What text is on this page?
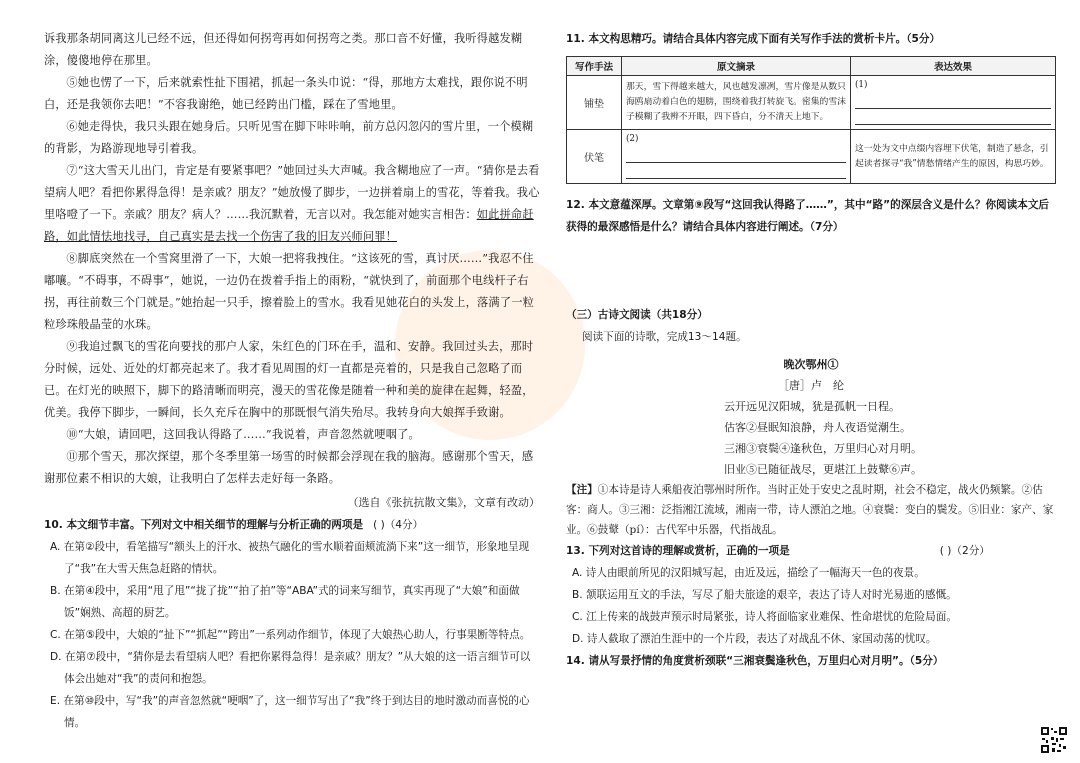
诉我那条胡同离这儿已经不远，但还得如何拐弯再如何拐弯之类。那口音不好懂，我听得越发糊涂，傻傻地停在那里。

⑤她也愣了一下，后来就索性扯下围裙，抓起一条头巾说：“得，那地方太难找，跟你说不明白，还是我领你去吧！”不容我谢绝，她已经跨出门槛，踩在了雪地里。

⑥她走得快，我只头跟在她身后。只听见雪在脚下咔咔响，前方总闪忽闪的雪片里，一个模糊的背影，为路游现地导引着我。

⑦“这大雪天儿出门，肯定是有要紧事吧？”她回过头大声喊。我含糊地应了一声。“猜你是去看望病人吧？看把你累得急得！是亲戚？朋友？”她放慢了脚步，一边拼着扇上的雪花，等着我。我心里咯噔了一下。亲戚？朋友？病人？……我沉默着，无言以对。我怎能对她实言相告：如此拼命赶路，如此情怯地找寻，自己真实是去找一个伤害了我的旧友兴师问罪！

⑧脚底突然在一个雪窝里滑了一下，大娘一把将我拽住。“这该死的雪，真讨厌……”我忍不住嘟嚷。“不碍事，不碍事”，她说，一边仍在拨着手指上的雨粉，“就快到了，前面那个电线杆子右拐，再往前数三个门就是。”她抬起一只手，擦着脸上的雪水。我看见她花白的头发上，落满了一粒粒珍珠般晶莹的水珠。

⑨我追过飘飞的雪花向要找的那户人家，朱红色的门环在手，温和、安静。我回过头去，那时分时候，远处、近处的灯都亮起来了。我才看见周围的灯一直都是亮着的，只是我自己忽略了而已。在灯光的映照下，脚下的路清晰而明亮，漫天的雪花像是随着一种和美的旋律在起舞，轻盈，优美。我停下脚步，一瞬间，长久充斥在胸中的那既恨气消失殆尽。我转身向大娘挥手致谢。

⑩“大娘，请回吧，这回我认得路了……”我说着，声音忽然就哽咽了。

⑪那个雪天，那次探望，那个冬季里第一场雪的时候都会浮现在我的脑海。感谢那个雪天，感谢那位素不相识的大娘，让我明白了怎样去走好每一条路。

（选自《张抗抗散文集》，文章有改动）

10. 本文细节丰富。下列对文中相关细节的理解与分析正确的两项是 ( )（4分）

A. 在第②段中，看笔描写“额头上的汗水、被热气融化的雪水顺着面颊流淌下来”这一细节，形象地呈现了“我”在大雪天焦急赶路的情状。

B. 在第④段中，采用“甩了甩”“拢了拢”“拍了拍”等“ABA”式的词来写细节，真实再现了“大娘”和面做饭”娴熟、高超的厨艺。

C. 在第⑤段中，大娘的“扯下”“抓起”“跨出”一系列动作细节，体现了大娘热心助人，行事果断等特点。

D. 在第⑦段中，“猜你是去看望病人吧？看把你累得急得！是亲戚？朋友？”从大娘的这一语言细节可以体会出她对“我”的责问和抱怨。

E. 在第⑩段中，写“我”的声音忽然就“哽咽”了，这一细节写出了“我”终于到达目的地时激动而喜悦的心情。

11. 本文构思精巧。请结合具体内容完成下面有关写作手法的赏析卡片。（5分）

写作手法	原文摘录	表达效果
铺垫	那天，雪下得越来越大，风也越发凛冽，雪片像是从数只海鸥扇动着白色的翅膀，围绕着我打转旋飞。密集的雪沫子模糊了我辨不开眼，四下昏白，分不清天上地下。	(1)

伏笔	(2)	这一处为文中点缀内容埋下伏笔，制造了悬念，引起读者探寻“我”情愁情绪产生的原因，构思巧妙。

12. 本文意蕴深厚。文章第⑨段写“这回我认得路了……”，其中“路”的深层含义是什么？你阅读本文后获得的最深感悟是什么？请结合具体内容进行阐述。（7分）

（三）古诗文阅读（共18分）

阅读下面的诗歌，完成13～14题。

晚次鄂州①

［唐］卢　纶

云开远见汉阳城，犹是孤帆一日程。

估客②昼眠知浪静，舟人夜语觉潮生。

三湘③衰鬓④逢秋色，万里归心对月明。

旧业⑤已随征战尽，更堪江上鼓鼙⑥声。

【注】①本诗是诗人乘船夜泊鄂州时所作。当时正处于安史之乱时期，社会不稳定，战火仍频繁。②估客：商人。③三湘：泛指湘江流域，湘南一带，诗人漂泊之地。④衰鬓：变白的鬓发。⑤旧业：家产、家业。⑥鼓鼙（pí）：古代军中乐器，代指战乱。

13. 下列对这首诗的理解或赏析，正确的一项是	( )（2分）

A. 诗人由眼前所见的汉阳城写起，由近及远，描绘了一幅海天一色的夜景。

B. 颔联运用互文的手法，写尽了船夫旅途的艰辛，表达了诗人对时光易逝的感慨。

C. 江上传来的战鼓声预示时局紧张，诗人将面临家业难保、性命堪忧的危险局面。

D. 诗人截取了漂泊生涯中的一个片段，表达了对战乱不休、家国动荡的忧叹。

14. 请从写景抒情的角度赏析颈联“三湘衰鬓逢秋色，万里归心对月明”。（5分）
